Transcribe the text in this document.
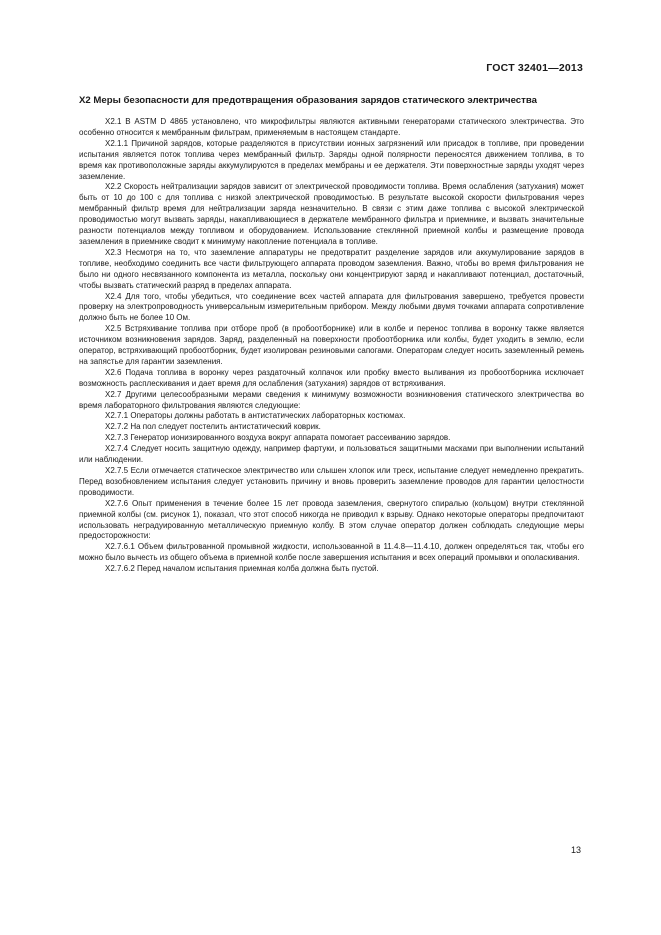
ГОСТ 32401—2013
X2 Меры безопасности для предотвращения образования зарядов статического электричества

X2.1 В ASTM D 4865 установлено, что микрофильтры являются активными генераторами статического электричества. Это особенно относится к мембранным фильтрам, применяемым в настоящем стандарте.

X2.1.1 Причиной зарядов, которые разделяются в присутствии ионных загрязнений или присадок в топливе, при проведении испытания является поток топлива через мембранный фильтр. Заряды одной полярности переносятся движением топлива, в то время как противоположные заряды аккумулируются в пределах мембраны и ее держателя. Эти поверхностные заряды уходят через заземление.

X2.2 Скорость нейтрализации зарядов зависит от электрической проводимости топлива. Время ослабления (затухания) может быть от 10 до 100 с для топлива с низкой электрической проводимостью. В результате высокой скорости фильтрования через мембранный фильтр время для нейтрализации заряда незначительно. В связи с этим даже топлива с высокой электрической проводимостью могут вызвать заряды, накапливающиеся в держателе мембранного фильтра и приемнике, и вызвать значительные разности потенциалов между топливом и оборудованием. Использование стеклянной приемной колбы и размещение провода заземления в приемнике сводит к минимуму накопление потенциала в топливе.

X2.3 Несмотря на то, что заземление аппаратуры не предотвратит разделение зарядов или аккумулирование зарядов в топливе, необходимо соединить все части фильтрующего аппарата проводом заземления. Важно, чтобы во время фильтрования не было ни одного несвязанного компонента из металла, поскольку они концентрируют заряд и накапливают потенциал, достаточный, чтобы вызвать статический разряд в пределах аппарата.

X2.4 Для того, чтобы убедиться, что соединение всех частей аппарата для фильтрования завершено, требуется провести проверку на электропроводность универсальным измерительным прибором. Между любыми двумя точками аппарата сопротивление должно быть не более 10 Ом.

X2.5 Встряхивание топлива при отборе проб (в пробоотборнике) или в колбе и перенос топлива в воронку также является источником возникновения зарядов. Заряд, разделенный на поверхности пробоотборника или колбы, будет уходить в землю, если оператор, встряхивающий пробоотборник, будет изолирован резиновыми сапогами. Операторам следует носить заземленный ремень на запястье для гарантии заземления.

X2.6 Подача топлива в воронку через раздаточный колпачок или пробку вместо выливания из пробоотборника исключает возможность расплескивания и дает время для ослабления (затухания) зарядов от встряхивания.

X2.7 Другими целесообразными мерами сведения к минимуму возможности возникновения статического электричества во время лабораторного фильтрования являются следующие:

X2.7.1 Операторы должны работать в антистатических лабораторных костюмах.

X2.7.2 На пол следует постелить антистатический коврик.

X2.7.3 Генератор ионизированного воздуха вокруг аппарата помогает рассеиванию зарядов.

X2.7.4 Следует носить защитную одежду, например фартуки, и пользоваться защитными масками при выполнении испытаний или наблюдении.

X2.7.5 Если отмечается статическое электричество или слышен хлопок или треск, испытание следует немедленно прекратить. Перед возобновлением испытания следует установить причину и вновь проверить заземление проводов для гарантии целостности проводимости.

X2.7.6 Опыт применения в течение более 15 лет провода заземления, свернутого спиралью (кольцом) внутри стеклянной приемной колбы (см. рисунок 1), показал, что этот способ никогда не приводил к взрыву. Однако некоторые операторы предпочитают использовать неградуированную металлическую приемную колбу. В этом случае оператор должен соблюдать следующие меры предосторожности:

X2.7.6.1 Объем фильтрованной промывной жидкости, использованной в 11.4.8—11.4.10, должен определяться так, чтобы его можно было вычесть из общего объема в приемной колбе после завершения испытания и всех операций промывки и ополаскивания.

X2.7.6.2 Перед началом испытания приемная колба должна быть пустой.

13
